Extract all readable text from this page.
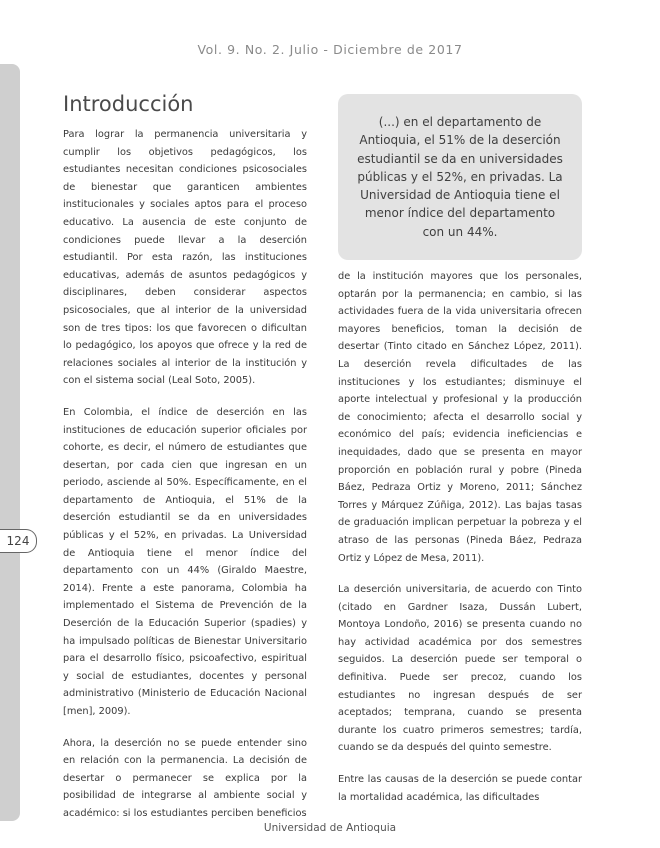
Vol. 9. No. 2. Julio - Diciembre de 2017
124
Introducción

Para lograr la permanencia universitaria y cumplir los objetivos pedagógicos, los estudiantes necesitan condiciones psicosociales de bienestar que garanticen ambientes institucionales y sociales aptos para el proceso educativo. La ausencia de este conjunto de condiciones puede llevar a la deserción estudiantil. Por esta razón, las instituciones educativas, además de asuntos pedagógicos y disciplinares, deben considerar aspectos psicosociales, que al interior de la universidad son de tres tipos: los que favorecen o dificultan lo pedagógico, los apoyos que ofrece y la red de relaciones sociales al interior de la institución y con el sistema social (Leal Soto, 2005).

En Colombia, el índice de deserción en las instituciones de educación superior oficiales por cohorte, es decir, el número de estudiantes que desertan, por cada cien que ingresan en un periodo, asciende al 50%. Específicamente, en el departamento de Antioquia, el 51% de la deserción estudiantil se da en universidades públicas y el 52%, en privadas. La Universidad de Antioquia tiene el menor índice del departamento con un 44% (Giraldo Maestre, 2014). Frente a este panorama, Colombia ha implementado el Sistema de Prevención de la Deserción de la Educación Superior (spadies) y ha impulsado políticas de Bienestar Universitario para el desarrollo físico, psicoafectivo, espiritual y social de estudiantes, docentes y personal administrativo (Ministerio de Educación Nacional [men], 2009).

Ahora, la deserción no se puede entender sino en relación con la permanencia. La decisión de desertar o permanecer se explica por la posibilidad de integrarse al ambiente social y académico: si los estudiantes perciben beneficios

(...) en el departamento de Antioquia, el 51% de la deserción estudiantil se da en universidades públicas y el 52%, en privadas. La Universidad de Antioquia tiene el menor índice del departamento con un 44%.

de la institución mayores que los personales, optarán por la permanencia; en cambio, si las actividades fuera de la vida universitaria ofrecen mayores beneficios, toman la decisión de desertar (Tinto citado en Sánchez López, 2011). La deserción revela dificultades de las instituciones y los estudiantes; disminuye el aporte intelectual y profesional y la producción de conocimiento; afecta el desarrollo social y económico del país; evidencia ineficiencias e inequidades, dado que se presenta en mayor proporción en población rural y pobre (Pineda Báez, Pedraza Ortiz y Moreno, 2011; Sánchez Torres y Márquez Zúñiga, 2012). Las bajas tasas de graduación implican perpetuar la pobreza y el atraso de las personas (Pineda Báez, Pedraza Ortiz y López de Mesa, 2011).

La deserción universitaria, de acuerdo con Tinto (citado en Gardner Isaza, Dussán Lubert, Montoya Londoño, 2016) se presenta cuando no hay actividad académica por dos semestres seguidos. La deserción puede ser temporal o definitiva. Puede ser precoz, cuando los estudiantes no ingresan después de ser aceptados; temprana, cuando se presenta durante los cuatro primeros semestres; tardía, cuando se da después del quinto semestre.

Entre las causas de la deserción se puede contar la mortalidad académica, las dificultades

Universidad de Antioquia
